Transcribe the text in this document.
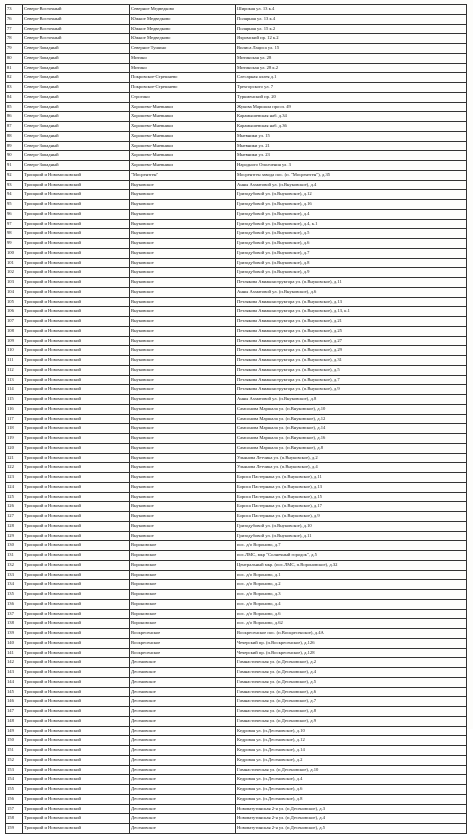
73	Северо-Восточный	Северное Медведково	Широкая ул. 13 к.4
76	Северо-Восточный	Южное Медведково	Полярная ул. 13 к.4
77	Северо-Восточный	Южное Медведково	Полярная ул. 15 к.2
78	Северо-Восточный	Южное Медведково	Яхромский пр. 12 к.2
79	Северо-Западный	Северное Тушино	Вилиса Лациса ул. 15
80	Северо-Западный	Митино	Митинская ул. 28
81	Северо-Западный	Митино	Митинская ул. 28 к.2
82	Северо-Западный	Покровское-Стрешнево	Слесарная аллея д.1
83	Северо-Западный	Покровское-Стрешнево	Трехгорского ул. 7
84	Северо-Западный	Строгино	Туркменский пр. 20
85	Северо-Западный	Хорошево-Мневники	Жукова Маршала просп. 49
86	Северо-Западный	Хорошево-Мневники	Карамышевская наб. д.34
87	Северо-Западный	Хорошево-Мневники	Карамышевская наб. д.36
88	Северо-Западный	Хорошево-Мневники	Мневники ул. 15
89	Северо-Западный	Хорошево-Мневники	Мневники ул. 21
90	Северо-Западный	Хорошево-Мневники	Мневники ул. 23
91	Северо-Западный	Хорошево-Мневники	Народного Ополчения ул. 3
92	Троицкий и Новомосковский	"Мосрентген"	Мосрентген завода пос. (п. "Мосрентген"), д.35
93	Троицкий и Новомосковский	Внуковское	Анны Ахматовой ул. (п.Внуковское), д.4
94	Троицкий и Новомосковский	Внуковское	Гризодубовой ул. (п.Внуковское), д.12
95	Троицкий и Новомосковский	Внуковское	Гризодубовой ул. (п.Внуковское), д.16
96	Троицкий и Новомосковский	Внуковское	Гризодубовой ул. (п.Внуковское), д.4
97	Троицкий и Новомосковский	Внуковское	Гризодубовой ул. (п.Внуковское), д.4, к.1
98	Троицкий и Новомосковский	Внуковское	Гризодубовой ул. (п.Внуковское), д.5
99	Троицкий и Новомосковский	Внуковское	Гризодубовой ул. (п.Внуковское), д.6
100	Троицкий и Новомосковский	Внуковское	Гризодубовой ул. (п.Внуковское), д.7
101	Троицкий и Новомосковский	Внуковское	Гризодубовой ул. (п.Внуковское), д.8
102	Троицкий и Новомосковский	Внуковское	Гризодубовой ул. (п.Внуковское), д.9
103	Троицкий и Новомосковский	Внуковское	Петлякова Авиаконструктора ул. (п.Внуковское), д.11
104	Троицкий и Новомосковский	Внуковское	Анны Ахматовой ул. (п.Внуковское), д.6
105	Троицкий и Новомосковский	Внуковское	Петлякова Авиаконструктора ул. (п.Внуковское), д.13
106	Троицкий и Новомосковский	Внуковское	Петлякова Авиаконструктора ул. (п.Внуковское), д.13, к.1
107	Троицкий и Новомосковский	Внуковское	Петлякова Авиаконструктора ул. (п.Внуковское), д.21
108	Троицкий и Новомосковский	Внуковское	Петлякова Авиаконструктора ул. (п.Внуковское), д.25
109	Троицкий и Новомосковский	Внуковское	Петлякова Авиаконструктора ул. (п.Внуковское), д.27
110	Троицкий и Новомосковский	Внуковское	Петлякова Авиаконструктора ул. (п.Внуковское), д.29
111	Троицкий и Новомосковский	Внуковское	Петлякова Авиаконструктора ул. (п.Внуковское), д.31
112	Троицкий и Новомосковский	Внуковское	Петлякова Авиаконструктора ул. (п.Внуковское), д.5
113	Троицкий и Новомосковский	Внуковское	Петлякова Авиаконструктора ул. (п.Внуковское), д.7
114	Троицкий и Новомосковский	Внуковское	Петлякова Авиаконструктора ул. (п.Внуковское), д.9
115	Троицкий и Новомосковский	Внуковское	Анны Ахматовой ул. (п.Внуковское), д.8
116	Троицкий и Новомосковский	Внуковское	Самсонова Маршала ул. (п.Внуковское), д.10
117	Троицкий и Новомосковский	Внуковское	Самсонова Маршала ул. (п.Внуковское), д.12
118	Троицкий и Новомосковский	Внуковское	Самсонова Маршала ул. (п.Внуковское), д.14
119	Троицкий и Новомосковский	Внуковское	Самсонова Маршала ул. (п.Внуковское), д.16
120	Троицкий и Новомосковский	Внуковское	Самсонова Маршала ул. (п.Внуковское), д.8
121	Троицкий и Новомосковский	Внуковское	Ульянова Летчика ул. (п.Внуковское), д.2
122	Троицкий и Новомосковский	Внуковское	Ульянова Летчика ул. (п.Внуковское), д.4
123	Троицкий и Новомосковский	Внуковское	Бориса Пастернака ул. (п.Внуковское), д.11
124	Троицкий и Новомосковский	Внуковское	Бориса Пастернака ул. (п.Внуковское), д.13
125	Троицкий и Новомосковский	Внуковское	Бориса Пастернака ул. (п.Внуковское), д.15
126	Троицкий и Новомосковский	Внуковское	Бориса Пастернака ул. (п.Внуковское), д.17
127	Троицкий и Новомосковский	Внуковское	Бориса Пастернака ул. (п.Внуковское), д.9
128	Троицкий и Новомосковский	Внуковское	Гризодубовой ул. (п.Внуковское), д.10
129	Троицкий и Новомосковский	Внуковское	Гризодубовой ул. (п.Внуковское), д.11
130	Троицкий и Новомосковский	Вороновское	пос. д/о Вороново, д.7
131	Троицкий и Новомосковский	Вороновское	пос.ЛМС, мкр "Солнечный городок", д.5
132	Троицкий и Новомосковский	Вороновское	Центральный мкр. (пос.ЛМС, п.Вороновское), д.32
133	Троицкий и Новомосковский	Вороновское	пос. д/о Вороново, д.1
134	Троицкий и Новомосковский	Вороновское	пос. д/о Вороново, д.2
135	Троицкий и Новомосковский	Вороновское	пос. д/о Вороново, д.3
136	Троицкий и Новомосковский	Вороновское	пос. д/о Вороново, д.4
137	Троицкий и Новомосковский	Вороновское	пос. д/о Вороново, д.6
138	Троицкий и Новомосковский	Вороновское	пос. д/о Вороново, д.62
139	Троицкий и Новомосковский	Воскресенское	Воскресенское пос. (п.Воскресенское), д.4А
140	Троицкий и Новомосковский	Воскресенское	Чечерский пр. (п.Воскресенское), д.126
141	Троицкий и Новомосковский	Воскресенское	Чечерский пр. (п.Воскресенское), д.128
142	Троицкий и Новомосковский	Десеновское	Гимнастическая ул. (п.Десеновское), д.2
143	Троицкий и Новомосковский	Десеновское	Гимнастическая ул. (п.Десеновское), д.4
144	Троицкий и Новомосковский	Десеновское	Гимнастическая ул. (п.Десеновское), д.5
145	Троицкий и Новомосковский	Десеновское	Гимнастическая ул. (п.Десеновское), д.6
146	Троицкий и Новомосковский	Десеновское	Гимнастическая ул. (п.Десеновское), д.7
147	Троицкий и Новомосковский	Десеновское	Гимнастическая ул. (п.Десеновское), д.8
148	Троицкий и Новомосковский	Десеновское	Гимнастическая ул. (п.Десеновское), д.9
149	Троицкий и Новомосковский	Десеновское	Кедровая ул. (п.Десеновское), д.10
150	Троицкий и Новомосковский	Десеновское	Кедровая ул. (п.Десеновское), д.12
151	Троицкий и Новомосковский	Десеновское	Кедровая ул. (п.Десеновское), д.14
152	Троицкий и Новомосковский	Десеновское	Кедровая ул. (п.Десеновское), д.2
153	Троицкий и Новомосковский	Десеновское	Гимнастическая ул. (п.Десеновское), д.10
154	Троицкий и Новомосковский	Десеновское	Кедровая ул. (п.Десеновское), д.4
155	Троицкий и Новомосковский	Десеновское	Кедровая ул. (п.Десеновское), д.6
156	Троицкий и Новомосковский	Десеновское	Кедровая ул. (п.Десеновское), д.8
157	Троицкий и Новомосковский	Десеновское	Нововатутинская 2-я ул. (п.Десеновское), д.3
158	Троицкий и Новомосковский	Десеновское	Нововатутинская 2-я ул. (п.Десеновское), д.4
159	Троицкий и Новомосковский	Десеновское	Нововатутинская 2-я ул. (п.Десеновское), д.5
